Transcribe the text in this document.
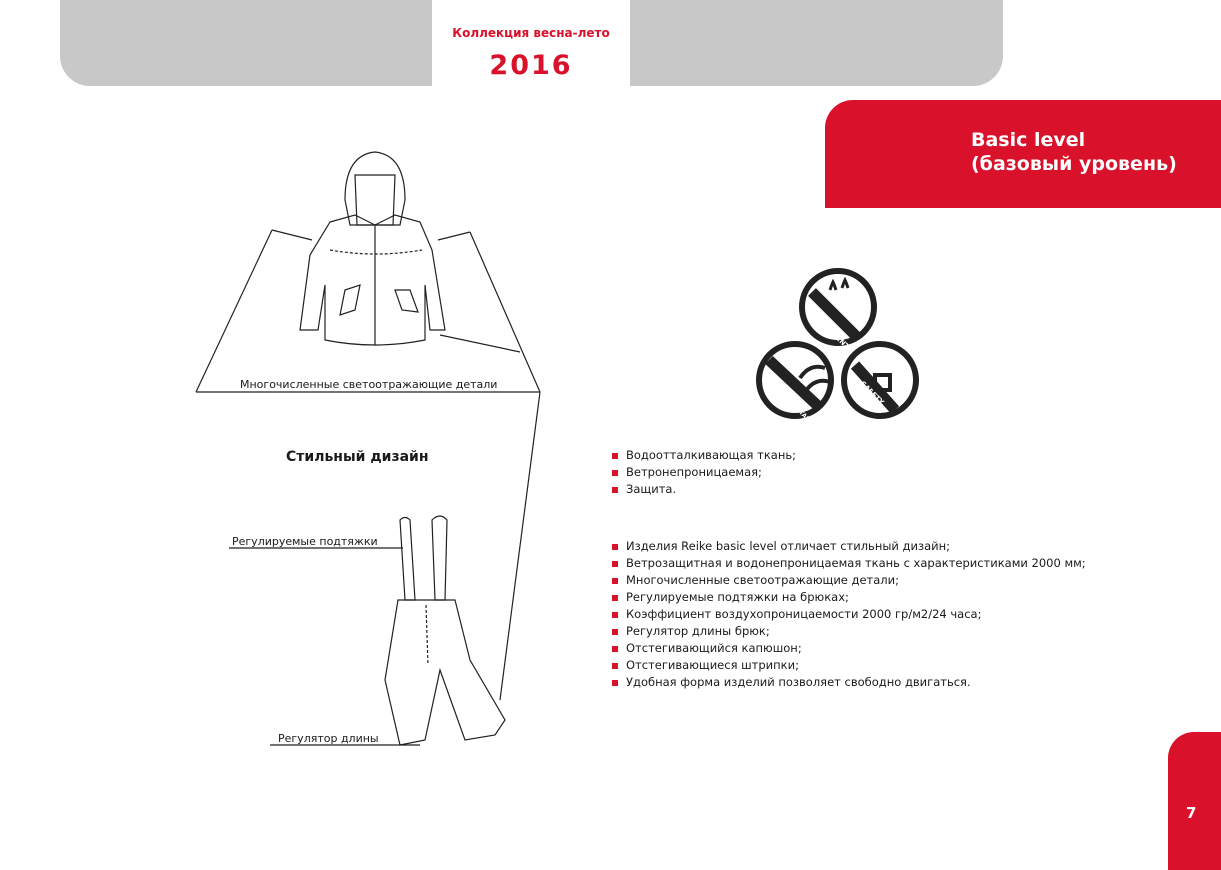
Коллекция весна-лето
2016
Basic level
(базовый уровень)
REPELLENT
WIND RESISTANT	SAFETY
Многочисленные светоотражающие детали
Стильный дизайн
Регулируемые подтяжки
Регулятор длины
Водоотталкивающая ткань;
Ветронепроницаемая;
Защита.
Изделия Reike basic level отличает стильный дизайн;
Ветрозащитная и водонепроницаемая ткань с характеристиками 2000 мм;
Многочисленные светоотражающие детали;
Регулируемые подтяжки на брюках;
Коэффициент воздухопроницаемости 2000 гр/м2/24 часа;
Регулятор длины брюк;
Отстегивающийся капюшон;
Отстегивающиеся штрипки;
Удобная форма изделий позволяет свободно двигаться.
7
